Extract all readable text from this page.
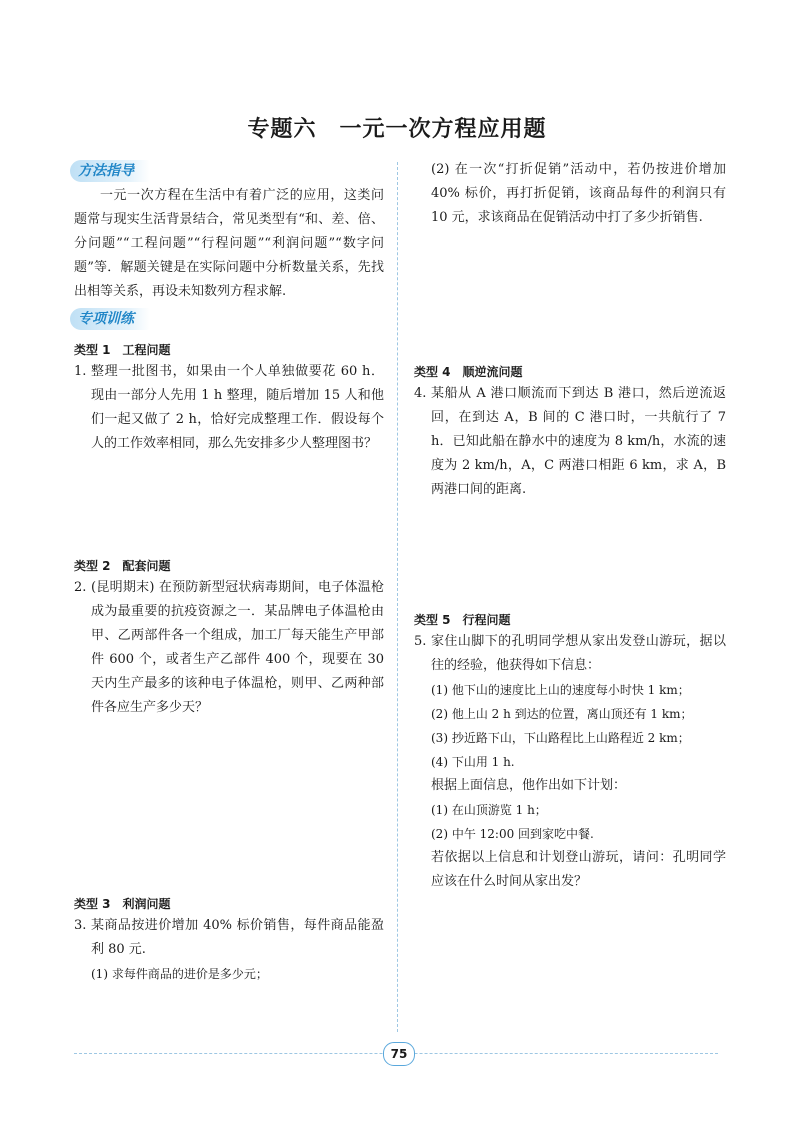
专题六　一元一次方程应用题
方法指导

一元一次方程在生活中有着广泛的应用，这类问题常与现实生活背景结合，常见类型有“和、差、倍、分问题”“工程问题”“行程问题”“利润问题”“数字问题”等．解题关键是在实际问题中分析数量关系，先找出相等关系，再设未知数列方程求解.

专项训练

类型 1　工程问题

1. 整理一批图书，如果由一个人单独做要花 60 h．现由一部分人先用 1 h 整理，随后增加 15 人和他们一起又做了 2 h，恰好完成整理工作．假设每个人的工作效率相同，那么先安排多少人整理图书？

类型 2　配套问题

2. (昆明期末) 在预防新型冠状病毒期间，电子体温枪成为最重要的抗疫资源之一．某品牌电子体温枪由甲、乙两部件各一个组成，加工厂每天能生产甲部件 600 个，或者生产乙部件 400 个，现要在 30 天内生产最多的该种电子体温枪，则甲、乙两种部件各应生产多少天？

类型 3　利润问题

3. 某商品按进价增加 40% 标价销售，每件商品能盈利 80 元.

(1) 求每件商品的进价是多少元；

(2) 在一次“打折促销”活动中，若仍按进价增加 40% 标价，再打折促销，该商品每件的利润只有 10 元，求该商品在促销活动中打了多少折销售.

类型 4　顺逆流问题

4. 某船从 A 港口顺流而下到达 B 港口，然后逆流返回，在到达 A，B 间的 C 港口时，一共航行了 7 h．已知此船在静水中的速度为 8 km/h，水流的速度为 2 km/h，A，C 两港口相距 6 km，求 A，B 两港口间的距离.

类型 5　行程问题

5. 家住山脚下的孔明同学想从家出发登山游玩，据以往的经验，他获得如下信息：

(1) 他下山的速度比上山的速度每小时快 1 km；

(2) 他上山 2 h 到达的位置，离山顶还有 1 km；

(3) 抄近路下山，下山路程比上山路程近 2 km；

(4) 下山用 1 h.

根据上面信息，他作出如下计划：

(1) 在山顶游览 1 h；

(2) 中午 12:00 回到家吃中餐.

若依据以上信息和计划登山游玩，请问：孔明同学应该在什么时间从家出发？

75
